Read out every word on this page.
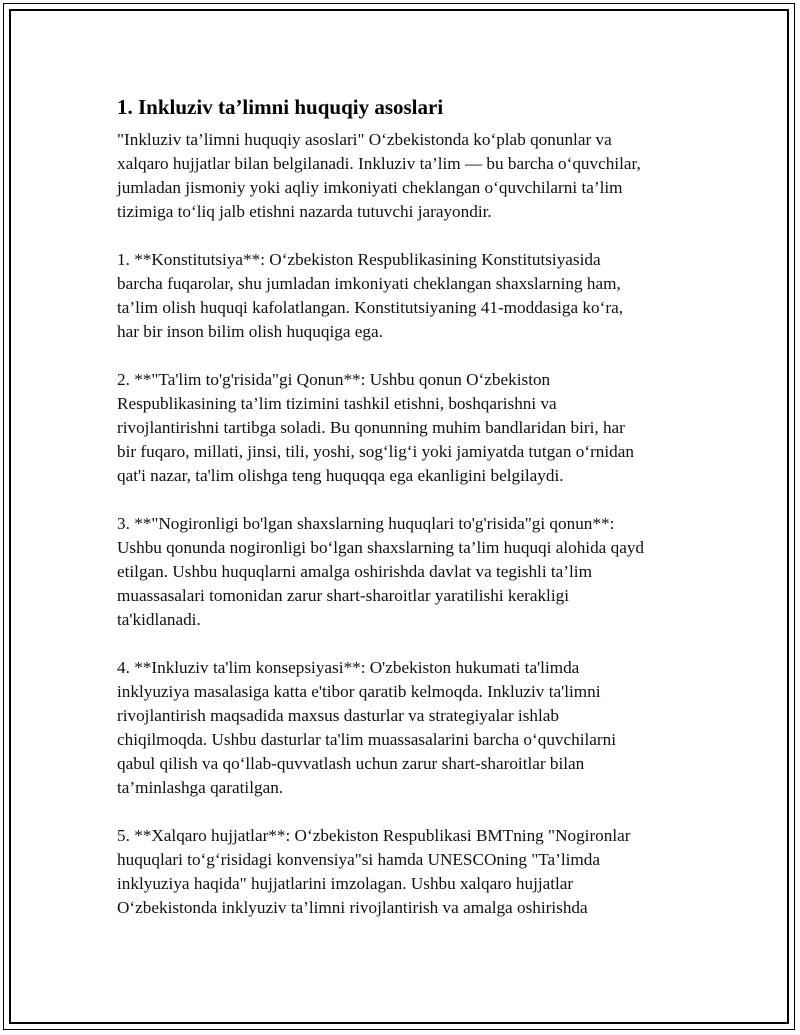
1. Inkluziv ta’limni huquqiy asoslari
"Inkluziv ta’limni huquqiy asoslari" O‘zbekistonda ko‘plab qonunlar va
xalqaro hujjatlar bilan belgilanadi. Inkluziv ta’lim — bu barcha o‘quvchilar,
jumladan jismoniy yoki aqliy imkoniyati cheklangan o‘quvchilarni ta’lim
tizimiga to‘liq jalb etishni nazarda tutuvchi jarayondir.
1. **Konstitutsiya**: O‘zbekiston Respublikasining Konstitutsiyasida
barcha fuqarolar, shu jumladan imkoniyati cheklangan shaxslarning ham,
ta’lim olish huquqi kafolatlangan. Konstitutsiyaning 41-moddasiga ko‘ra,
har bir inson bilim olish huquqiga ega.
2. **"Ta'lim to'g'risida"gi Qonun**: Ushbu qonun O‘zbekiston
Respublikasining ta’lim tizimini tashkil etishni, boshqarishni va
rivojlantirishni tartibga soladi. Bu qonunning muhim bandlaridan biri, har
bir fuqaro, millati, jinsi, tili, yoshi, sog‘lig‘i yoki jamiyatda tutgan o‘rnidan
qat'i nazar, ta'lim olishga teng huquqqa ega ekanligini belgilaydi.
3. **"Nogironligi bo'lgan shaxslarning huquqlari to'g'risida"gi qonun**:
Ushbu qonunda nogironligi bo‘lgan shaxslarning ta’lim huquqi alohida qayd
etilgan. Ushbu huquqlarni amalga oshirishda davlat va tegishli ta’lim
muassasalari tomonidan zarur shart-sharoitlar yaratilishi kerakligi
ta'kidlanadi.
4. **Inkluziv ta'lim konsepsiyasi**: O'zbekiston hukumati ta'limda
inklyuziya masalasiga katta e'tibor qaratib kelmoqda. Inkluziv ta'limni
rivojlantirish maqsadida maxsus dasturlar va strategiyalar ishlab
chiqilmoqda. Ushbu dasturlar ta'lim muassasalarini barcha o‘quvchilarni
qabul qilish va qo‘llab-quvvatlash uchun zarur shart-sharoitlar bilan
ta’minlashga qaratilgan.
5. **Xalqaro hujjatlar**: O‘zbekiston Respublikasi BMTning "Nogironlar
huquqlari to‘g‘risidagi konvensiya"si hamda UNESCOning "Ta’limda
inklyuziya haqida" hujjatlarini imzolagan. Ushbu xalqaro hujjatlar
O‘zbekistonda inklyuziv ta’limni rivojlantirish va amalga oshirishda
